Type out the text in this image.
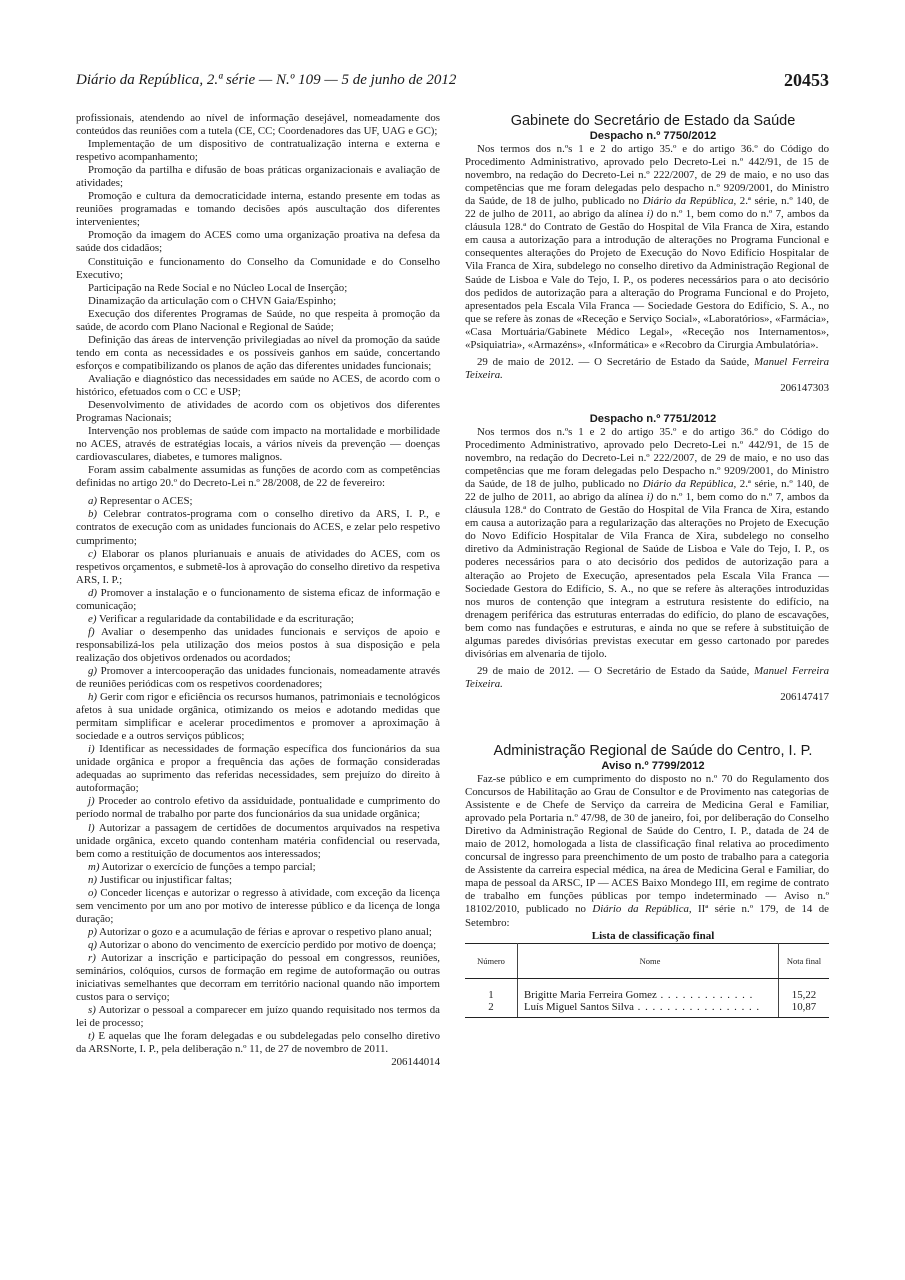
Diário da República, 2.ª série — N.º 109 — 5 de junho de 2012	20453

profissionais, atendendo ao nível de informação desejável, nomeadamente dos conteúdos das reuniões com a tutela (CE, CC; Coordenadores das UF, UAG e GC);

Implementação de um dispositivo de contratualização interna e externa e respetivo acompanhamento;

Promoção da partilha e difusão de boas práticas organizacionais e avaliação de atividades;

Promoção e cultura da democraticidade interna, estando presente em todas as reuniões programadas e tomando decisões após auscultação dos diferentes intervenientes;

Promoção da imagem do ACES como uma organização proativa na defesa da saúde dos cidadãos;

Constituição e funcionamento do Conselho da Comunidade e do Conselho Executivo;

Participação na Rede Social e no Núcleo Local de Inserção;

Dinamização da articulação com o CHVN Gaia/Espinho;

Execução dos diferentes Programas de Saúde, no que respeita à promoção da saúde, de acordo com Plano Nacional e Regional de Saúde;

Definição das áreas de intervenção privilegiadas ao nível da promoção da saúde tendo em conta as necessidades e os possíveis ganhos em saúde, concertando esforços e compatibilizando os planos de ação das diferentes unidades funcionais;

Avaliação e diagnóstico das necessidades em saúde no ACES, de acordo com o histórico, efetuados com o CC e USP;

Desenvolvimento de atividades de acordo com os objetivos dos diferentes Programas Nacionais;

Intervenção nos problemas de saúde com impacto na mortalidade e morbilidade no ACES, através de estratégias locais, a vários níveis da prevenção — doenças cardiovasculares, diabetes, e tumores malignos.

Foram assim cabalmente assumidas as funções de acordo com as competências definidas no artigo 20.º do Decreto-Lei n.º 28/2008, de 22 de fevereiro:

a) Representar o ACES;

b) Celebrar contratos-programa com o conselho diretivo da ARS, I. P., e contratos de execução com as unidades funcionais do ACES, e zelar pelo respetivo cumprimento;

c) Elaborar os planos plurianuais e anuais de atividades do ACES, com os respetivos orçamentos, e submetê-los à aprovação do conselho diretivo da respetiva ARS, I. P.;

d) Promover a instalação e o funcionamento de sistema eficaz de informação e comunicação;

e) Verificar a regularidade da contabilidade e da escrituração;

f) Avaliar o desempenho das unidades funcionais e serviços de apoio e responsabilizá-los pela utilização dos meios postos à sua disposição e pela realização dos objetivos ordenados ou acordados;

g) Promover a intercooperação das unidades funcionais, nomeadamente através de reuniões periódicas com os respetivos coordenadores;

h) Gerir com rigor e eficiência os recursos humanos, patrimoniais e tecnológicos afetos à sua unidade orgânica, otimizando os meios e adotando medidas que permitam simplificar e acelerar procedimentos e promover a aproximação à sociedade e a outros serviços públicos;

i) Identificar as necessidades de formação específica dos funcionários da sua unidade orgânica e propor a frequência das ações de formação consideradas adequadas ao suprimento das referidas necessidades, sem prejuízo do direito à autoformação;

j) Proceder ao controlo efetivo da assiduidade, pontualidade e cumprimento do período normal de trabalho por parte dos funcionários da sua unidade orgânica;

l) Autorizar a passagem de certidões de documentos arquivados na respetiva unidade orgânica, exceto quando contenham matéria confidencial ou reservada, bem como a restituição de documentos aos interessados;

m) Autorizar o exercício de funções a tempo parcial;

n) Justificar ou injustificar faltas;

o) Conceder licenças e autorizar o regresso à atividade, com exceção da licença sem vencimento por um ano por motivo de interesse público e da licença de longa duração;

p) Autorizar o gozo e a acumulação de férias e aprovar o respetivo plano anual;

q) Autorizar o abono do vencimento de exercício perdido por motivo de doença;

r) Autorizar a inscrição e participação do pessoal em congressos, reuniões, seminários, colóquios, cursos de formação em regime de autoformação ou outras iniciativas semelhantes que decorram em território nacional quando não importem custos para o serviço;

s) Autorizar o pessoal a comparecer em juízo quando requisitado nos termos da lei de processo;

t) E aquelas que lhe foram delegadas e ou subdelegadas pelo conselho diretivo da ARSNorte, I. P., pela deliberação n.º 11, de 27 de novembro de 2011.

206144014

Gabinete do Secretário de Estado da Saúde

Despacho n.º 7750/2012

Nos termos dos n.ºs 1 e 2 do artigo 35.º e do artigo 36.º do Código do Procedimento Administrativo, aprovado pelo Decreto-Lei n.º 442/91, de 15 de novembro, na redação do Decreto-Lei n.º 222/2007, de 29 de maio, e no uso das competências que me foram delegadas pelo despacho n.º 9209/2001, do Ministro da Saúde, de 18 de julho, publicado no Diário da República, 2.ª série, n.º 140, de 22 de julho de 2011, ao abrigo da alínea i) do n.º 1, bem como do n.º 7, ambos da cláusula 128.ª do Contrato de Gestão do Hospital de Vila Franca de Xira, estando em causa a autorização para a introdução de alterações no Programa Funcional e consequentes alterações do Projeto de Execução do Novo Edifício Hospitalar de Vila Franca de Xira, subdelego no conselho diretivo da Administração Regional de Saúde de Lisboa e Vale do Tejo, I. P., os poderes necessários para o ato decisório dos pedidos de autorização para a alteração do Programa Funcional e do Projeto, apresentados pela Escala Vila Franca — Sociedade Gestora do Edifício, S. A., no que se refere às zonas de «Receção e Serviço Social», «Laboratórios», «Farmácia», «Casa Mortuária/Gabinete Médico Legal», «Receção nos Internamentos», «Psiquiatria», «Armazéns», «Informática» e «Recobro da Cirurgia Ambulatória».

29 de maio de 2012. — O Secretário de Estado da Saúde, Manuel Ferreira Teixeira.

206147303

Despacho n.º 7751/2012

Nos termos dos n.ºs 1 e 2 do artigo 35.º e do artigo 36.º do Código do Procedimento Administrativo, aprovado pelo Decreto-Lei n.º 442/91, de 15 de novembro, na redação do Decreto-Lei n.º 222/2007, de 29 de maio, e no uso das competências que me foram delegadas pelo Despacho n.º 9209/2001, do Ministro da Saúde, de 18 de julho, publicado no Diário da República, 2.ª série, n.º 140, de 22 de julho de 2011, ao abrigo da alínea i) do n.º 1, bem como do n.º 7, ambos da cláusula 128.ª do Contrato de Gestão do Hospital de Vila Franca de Xira, estando em causa a autorização para a regularização das alterações no Projeto de Execução do Novo Edifício Hospitalar de Vila Franca de Xira, subdelego no conselho diretivo da Administração Regional de Saúde de Lisboa e Vale do Tejo, I. P., os poderes necessários para o ato decisório dos pedidos de autorização para a alteração ao Projeto de Execução, apresentados pela Escala Vila Franca — Sociedade Gestora do Edifício, S. A., no que se refere às alterações introduzidas nos muros de contenção que integram a estrutura resistente do edifício, na drenagem periférica das estruturas enterradas do edifício, do plano de escavações, bem como nas fundações e estruturas, e ainda no que se refere à substituição de algumas paredes divisórias previstas executar em gesso cartonado por paredes divisórias em alvenaria de tijolo.

29 de maio de 2012. — O Secretário de Estado da Saúde, Manuel Ferreira Teixeira.

206147417

Administração Regional de Saúde do Centro, I. P.

Aviso n.º 7799/2012

Faz-se público e em cumprimento do disposto no n.º 70 do Regulamento dos Concursos de Habilitação ao Grau de Consultor e de Provimento nas categorias de Assistente e de Chefe de Serviço da carreira de Medicina Geral e Familiar, aprovado pela Portaria n.º 47/98, de 30 de janeiro, foi, por deliberação do Conselho Diretivo da Administração Regional de Saúde do Centro, I. P., datada de 24 de maio de 2012, homologada a lista de classificação final relativa ao procedimento concursal de ingresso para preenchimento de um posto de trabalho para a categoria de Assistente da carreira especial médica, na área de Medicina Geral e Familiar, do mapa de pessoal da ARSC, IP — ACES Baixo Mondego III, em regime de contrato de trabalho em funções públicas por tempo indeterminado — Aviso n.º 18102/2010, publicado no Diário da República, IIª série n.º 179, de 14 de Setembro:

Lista de classificação final

Número	Nome	Nota final
1	Brigitte Maria Ferreira Gomez . . . . . . . . . . . . .	15,22
2	Luís Miguel Santos Silva . . . . . . . . . . . . . . . . .	10,87
